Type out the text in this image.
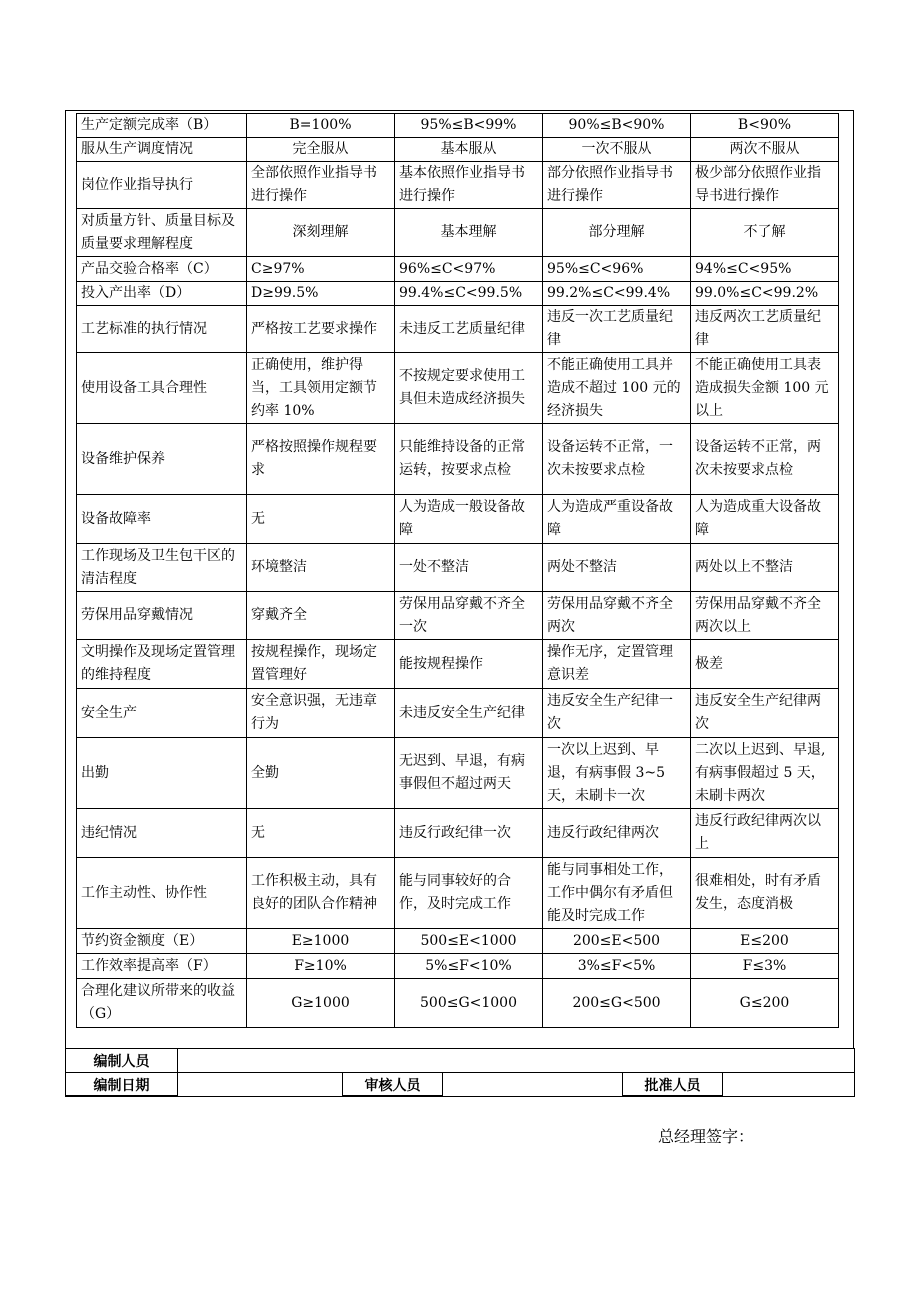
生产定额完成率（B）	B=100%	95%≤B<99%	90%≤B<90%	B<90%
服从生产调度情况	完全服从	基本服从	一次不服从	两次不服从
岗位作业指导执行	全部依照作业指导书进行操作	基本依照作业指导书进行操作	部分依照作业指导书进行操作	极少部分依照作业指导书进行操作
对质量方针、质量目标及质量要求理解程度	深刻理解	基本理解	部分理解	不了解
产品交验合格率（C）	C≥97%	96%≤C<97%	95%≤C<96%	94%≤C<95%
投入产出率（D）	D≥99.5%	99.4%≤C<99.5%	99.2%≤C<99.4%	99.0%≤C<99.2%
工艺标准的执行情况	严格按工艺要求操作	未违反工艺质量纪律	违反一次工艺质量纪律	违反两次工艺质量纪律
使用设备工具合理性	正确使用，维护得当，工具领用定额节约率 10%	不按规定要求使用工具但未造成经济损失	不能正确使用工具并造成不超过 100 元的经济损失	不能正确使用工具表造成损失金额 100 元以上
设备维护保养	严格按照操作规程要求	只能维持设备的正常运转，按要求点检	设备运转不正常，一次未按要求点检	设备运转不正常，两次未按要求点检
设备故障率	无	人为造成一般设备故障	人为造成严重设备故障	人为造成重大设备故障
工作现场及卫生包干区的清洁程度	环境整洁	一处不整洁	两处不整洁	两处以上不整洁
劳保用品穿戴情况	穿戴齐全	劳保用品穿戴不齐全一次	劳保用品穿戴不齐全两次	劳保用品穿戴不齐全两次以上
文明操作及现场定置管理的维持程度	按规程操作，现场定置管理好	能按规程操作	操作无序，定置管理意识差	极差
安全生产	安全意识强，无违章行为	未违反安全生产纪律	违反安全生产纪律一次	违反安全生产纪律两次
出勤	全勤	无迟到、早退，有病事假但不超过两天	一次以上迟到、早退，有病事假 3~5 天，未刷卡一次	二次以上迟到、早退,有病事假超过 5 天，未刷卡两次
违纪情况	无	违反行政纪律一次	违反行政纪律两次	违反行政纪律两次以上
工作主动性、协作性	工作积极主动，具有良好的团队合作精神	能与同事较好的合作，及时完成工作	能与同事相处工作，工作中偶尔有矛盾但能及时完成工作	很难相处，时有矛盾发生，态度消极
节约资金额度（E）	E≥1000	500≤E<1000	200≤E<500	E≤200
工作效率提高率（F）	F≥10%	5%≤F<10%	3%≤F<5%	F≤3%
合理化建议所带来的收益（G）	G≥1000	500≤G<1000	200≤G<500	G≤200
编制人员					
编制日期		审核人员		批准人员	
总经理签字：
